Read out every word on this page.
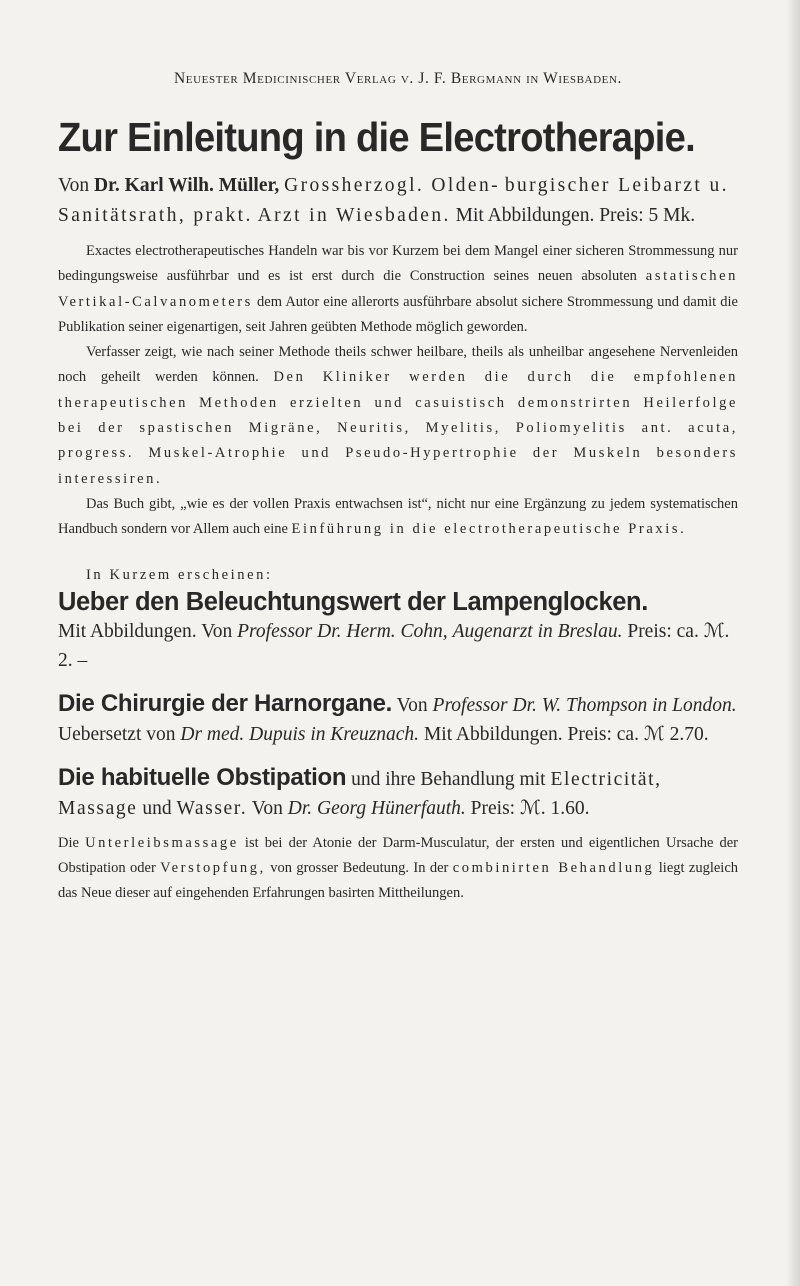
Neuester Medicinischer Verlag v. J. F. Bergmann in Wiesbaden.
Zur Einleitung in die Electrotherapie.

Von Dr. Karl Wilh. Müller, Grossherzogl. Olden- burgischer Leibarzt u. Sanitätsrath, prakt. Arzt in Wiesbaden. Mit Abbildungen. Preis: 5 Mk.

Exactes electrotherapeutisches Handeln war bis vor Kurzem bei dem Mangel einer sicheren Strommessung nur bedingungsweise ausführbar und es ist erst durch die Construction seines neuen absoluten astatischen Vertikal-Calvanometers dem Autor eine allerorts ausführbare absolut sichere Strommessung und damit die Publikation seiner eigenartigen, seit Jahren geübten Methode möglich geworden.
Verfasser zeigt, wie nach seiner Methode theils schwer heilbare, theils als unheilbar angesehene Nervenleiden noch geheilt werden können. Den Kliniker werden die durch die empfohlenen therapeutischen Methoden erzielten und casuistisch demonstrirten Heilerfolge bei der spastischen Migräne, Neuritis, Myelitis, Poliomyelitis ant. acuta, progress. Muskel-Atrophie und Pseudo-Hypertrophie der Muskeln besonders interessiren.
Das Buch gibt, „wie es der vollen Praxis entwachsen ist“, nicht nur eine Ergänzung zu jedem systematischen Handbuch sondern vor Allem auch eine Einführung in die electrotherapeutische Praxis.

In Kurzem erscheinen:

Ueber den Beleuchtungswert der Lampenglocken.

Mit Abbildungen. Von Professor Dr. Herm. Cohn, Augenarzt in Breslau. Preis: ca. ℳ. 2. –

Die Chirurgie der Harnorgane. Von Professor Dr. W. Thompson in London. Uebersetzt von Dr med. Dupuis in Kreuznach. Mit Abbildungen. Preis: ca. ℳ 2.70.

Die habituelle Obstipation und ihre Behandlung mit Electricität, Massage und Wasser. Von Dr. Georg Hünerfauth. Preis: ℳ. 1.60.

Die Unterleibsmassage ist bei der Atonie der Darm-Musculatur, der ersten und eigentlichen Ursache der Obstipation oder Verstopfung, von grosser Bedeutung. In der combinirten Behandlung liegt zugleich das Neue dieser auf eingehenden Erfahrungen basirten Mittheilungen.
